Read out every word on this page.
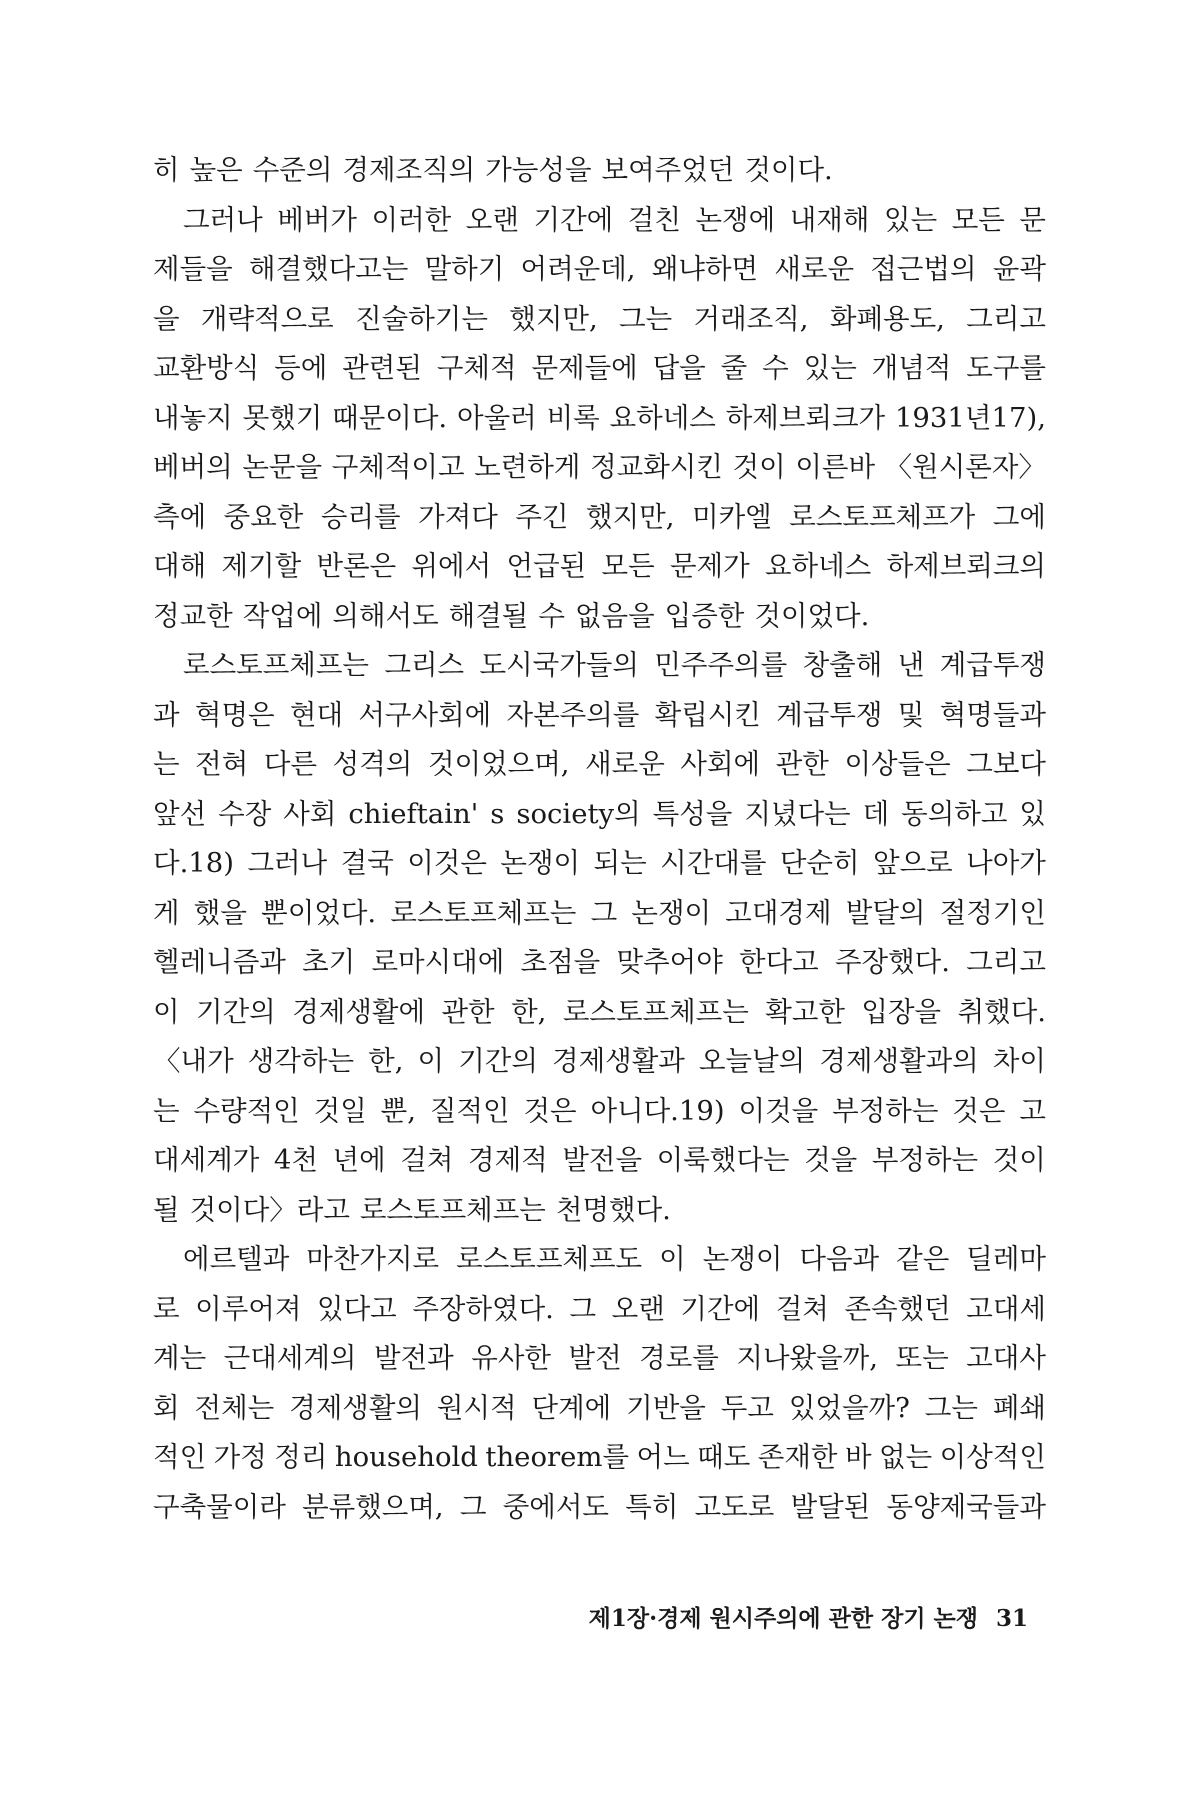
히 높은 수준의 경제조직의 가능성을 보여주었던 것이다.
그러나 베버가 이러한 오랜 기간에 걸친 논쟁에 내재해 있는 모든 문
제들을 해결했다고는 말하기 어려운데, 왜냐하면 새로운 접근법의 윤곽
을 개략적으로 진술하기는 했지만, 그는 거래조직, 화폐용도, 그리고
교환방식 등에 관련된 구체적 문제들에 답을 줄 수 있는 개념적 도구를
내놓지 못했기 때문이다. 아울러 비록 요하네스 하제브뢰크가 1931년17),
베버의 논문을 구체적이고 노련하게 정교화시킨 것이 이른바 〈원시론자〉
측에 중요한 승리를 가져다 주긴 했지만, 미카엘 로스토프체프가 그에
대해 제기할 반론은 위에서 언급된 모든 문제가 요하네스 하제브뢰크의
정교한 작업에 의해서도 해결될 수 없음을 입증한 것이었다.
로스토프체프는 그리스 도시국가들의 민주주의를 창출해 낸 계급투쟁
과 혁명은 현대 서구사회에 자본주의를 확립시킨 계급투쟁 및 혁명들과
는 전혀 다른 성격의 것이었으며, 새로운 사회에 관한 이상들은 그보다
앞선 수장 사회 chieftain' s society의 특성을 지녔다는 데 동의하고 있
다.18) 그러나 결국 이것은 논쟁이 되는 시간대를 단순히 앞으로 나아가
게 했을 뿐이었다. 로스토프체프는 그 논쟁이 고대경제 발달의 절정기인
헬레니즘과 초기 로마시대에 초점을 맞추어야 한다고 주장했다. 그리고
이 기간의 경제생활에 관한 한, 로스토프체프는 확고한 입장을 취했다.
〈내가 생각하는 한, 이 기간의 경제생활과 오늘날의 경제생활과의 차이
는 수량적인 것일 뿐, 질적인 것은 아니다.19) 이것을 부정하는 것은 고
대세계가 4천 년에 걸쳐 경제적 발전을 이룩했다는 것을 부정하는 것이
될 것이다〉라고 로스토프체프는 천명했다.
에르텔과 마찬가지로 로스토프체프도 이 논쟁이 다음과 같은 딜레마
로 이루어져 있다고 주장하였다. 그 오랜 기간에 걸쳐 존속했던 고대세
계는 근대세계의 발전과 유사한 발전 경로를 지나왔을까, 또는 고대사
회 전체는 경제생활의 원시적 단계에 기반을 두고 있었을까? 그는 폐쇄
적인 가정 정리 household theorem를 어느 때도 존재한 바 없는 이상적인
구축물이라 분류했으며, 그 중에서도 특히 고도로 발달된 동양제국들과
제1장·경제 원시주의에 관한 장기 논쟁 31
